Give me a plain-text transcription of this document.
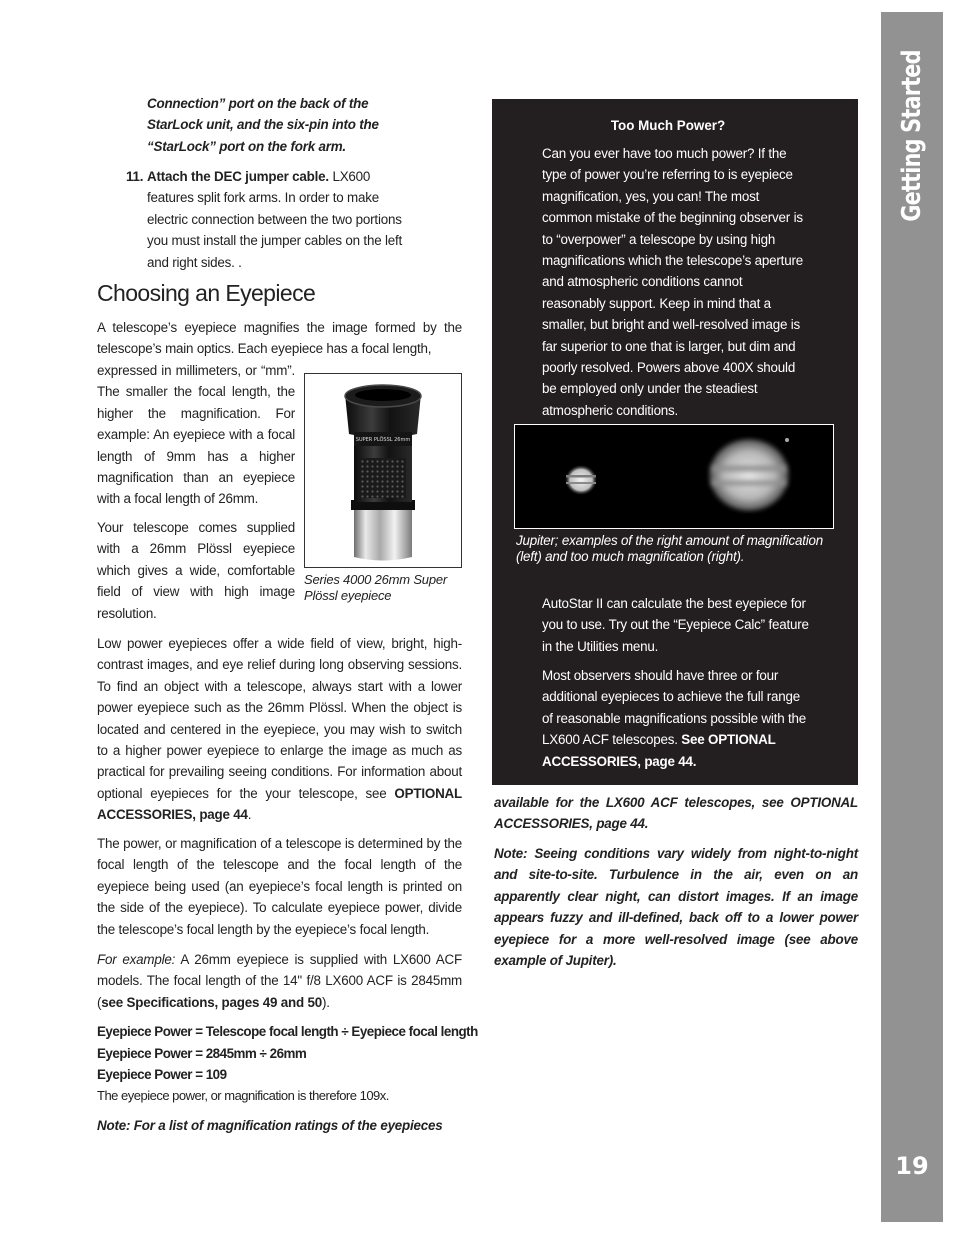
Getting Started
19
Connection” port on the back of the StarLock unit, and the six-pin into the “StarLock” port on the fork arm.
11. Attach the DEC jumper cable. LX600 features split fork arms. In order to make electric connection between the two portions you must install the jumper cables on the left and right sides. .
Choosing an Eyepiece
A telescope’s eyepiece magnifies the image formed by the telescope’s main optics. Each eyepiece has a focal length,
expressed in millimeters, or “mm”. The smaller the focal length, the higher the magnification. For example: An eyepiece with a focal length of 9mm has a higher magnification than an eyepiece with a focal length of 26mm.
Your telescope comes supplied with a 26mm Plössl eyepiece which gives a wide, comfortable field of view with high image resolution.
SUPER PLÖSSL 26mm
Series 4000 26mm Super Plössl eyepiece
Low power eyepieces offer a wide field of view, bright, high-contrast images, and eye relief during long observing sessions. To find an object with a telescope, always start with a lower power eyepiece such as the 26mm Plössl. When the object is located and centered in the eyepiece, you may wish to switch to a higher power eyepiece to enlarge the image as much as practical for prevailing seeing conditions. For information about optional eyepieces for the your telescope, see OPTIONAL ACCESSORIES, page 44.
The power, or magnification of a telescope is determined by the focal length of the telescope and the focal length of the eyepiece being used (an eyepiece’s focal length is printed on the side of the eyepiece). To calculate eyepiece power, divide the telescope’s focal length by the eyepiece’s focal length.
For example: A 26mm eyepiece is supplied with LX600 ACF models. The focal length of the 14" f/8 LX600 ACF is 2845mm (see Specifications, pages 49 and 50).
Eyepiece Power = Telescope focal length ÷ Eyepiece focal length
Eyepiece Power = 2845mm ÷ 26mm
Eyepiece Power = 109
The eyepiece power, or magnification is therefore 109x.
Note: For a list of magnification ratings of the eyepieces
Too Much Power?
Can you ever have too much power? If the type of power you’re referring to is eyepiece magnification, yes, you can! The most common mistake of the beginning observer is to “overpower” a telescope by using high magnifications which the telescope’s aperture and atmospheric conditions cannot reasonably support. Keep in mind that a smaller, but bright and well-resolved image is far superior to one that is larger, but dim and poorly resolved. Powers above 400X should be employed only under the steadiest atmospheric conditions.
Jupiter; examples of the right amount of magnification (left) and too much magnification (right).
AutoStar II can calculate the best eyepiece for you to use. Try out the “Eyepiece Calc” feature in the Utilities menu.
Most observers should have three or four additional eyepieces to achieve the full range of reasonable magnifications possible with the LX600 ACF telescopes. See OPTIONAL ACCESSORIES, page 44.
available for the LX600 ACF telescopes, see OPTIONAL ACCESSORIES, page 44.
Note: Seeing conditions vary widely from night-to-night and site-to-site. Turbulence in the air, even on an apparently clear night, can distort images. If an image appears fuzzy and ill-defined, back off to a lower power eyepiece for a more well-resolved image (see above example of Jupiter).
